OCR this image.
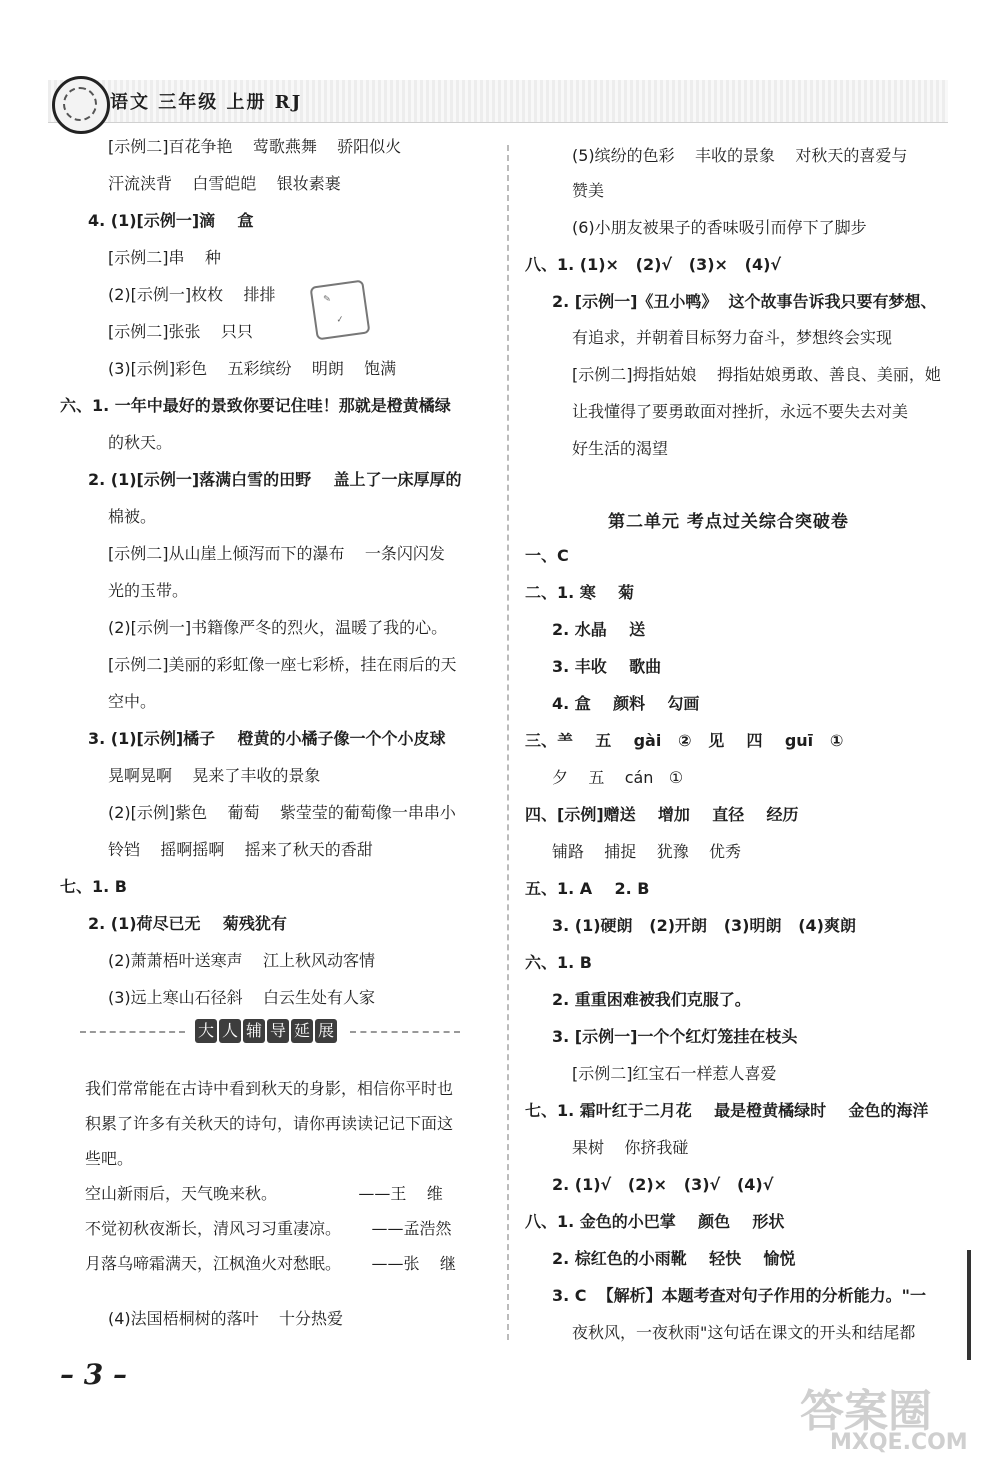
语文 三年级 上册 RJ
[示例二]百花争艳    莺歌燕舞    骄阳似火
汗流浃背    白雪皑皑    银妆素裹
4. (1)[示例一]滴    盒
[示例二]串    种
(2)[示例一]枚枚    排排
[示例二]张张    只只
(3)[示例]彩色    五彩缤纷    明朗    饱满
六、1. 一年中最好的景致你要记住哇！那就是橙黄橘绿
的秋天。
2. (1)[示例一]落满白雪的田野    盖上了一床厚厚的
棉被。
[示例二]从山崖上倾泻而下的瀑布    一条闪闪发
光的玉带。
(2)[示例一]书籍像严冬的烈火，温暖了我的心。
[示例二]美丽的彩虹像一座七彩桥，挂在雨后的天
空中。
3. (1)[示例]橘子    橙黄的小橘子像一个个小皮球
晃啊晃啊    晃来了丰收的景象
(2)[示例]紫色    葡萄    紫莹莹的葡萄像一串串小
铃铛    摇啊摇啊    摇来了秋天的香甜
七、1. B
2. (1)荷尽已无    菊残犹有
(2)萧萧梧叶送寒声    江上秋风动客情
(3)远上寒山石径斜    白云生处有人家
我们常常能在古诗中看到秋天的身影，相信你平时也
积累了许多有关秋天的诗句，请你再读读记记下面这
些吧。
空山新雨后，天气晚来秋。                ——王    维
不觉初秋夜渐长，清风习习重凄凉。      ——孟浩然
月落乌啼霜满天，江枫渔火对愁眠。      ——张    继
(4)法国梧桐树的落叶    十分热爱
(5)缤纷的色彩    丰收的景象    对秋天的喜爱与
赞美
(6)小朋友被果子的香味吸引而停下了脚步
八、1. (1)×   (2)√   (3)×   (4)√
2. [示例一]《丑小鸭》  这个故事告诉我只要有梦想、
有追求，并朝着目标努力奋斗，梦想终会实现
[示例二]拇指姑娘    拇指姑娘勇敢、善良、美丽，她
让我懂得了要勇敢面对挫折，永远不要失去对美
好生活的渴望
一、C
二、1. 寒    菊
2. 水晶    送
3. 丰收    歌曲
4. 盒    颜料    勾画
三、⺷    五    gài   ②   见    四    guī   ①
夕    五    cán   ①
四、[示例]赠送    增加    直径    经历
铺路    捕捉    犹豫    优秀
五、1. A    2. B
3. (1)硬朗   (2)开朗   (3)明朗   (4)爽朗
六、1. B
2. 重重困难被我们克服了。
3. [示例一]一个个红灯笼挂在枝头
[示例二]红宝石一样惹人喜爱
七、1. 霜叶红于二月花    最是橙黄橘绿时    金色的海洋
果树    你挤我碰
2. (1)√   (2)×   (3)√   (4)√
八、1. 金色的小巴掌    颜色    形状
2. 棕红色的小雨靴    轻快    愉悦
3. C  【解析】本题考查对句子作用的分析能力。"一
夜秋风，一夜秋雨"这句话在课文的开头和结尾都
✎
✓
第二单元 考点过关综合突破卷
大 人 辅 导 延 展
– 3 –
答案圈
MXQE.COM
